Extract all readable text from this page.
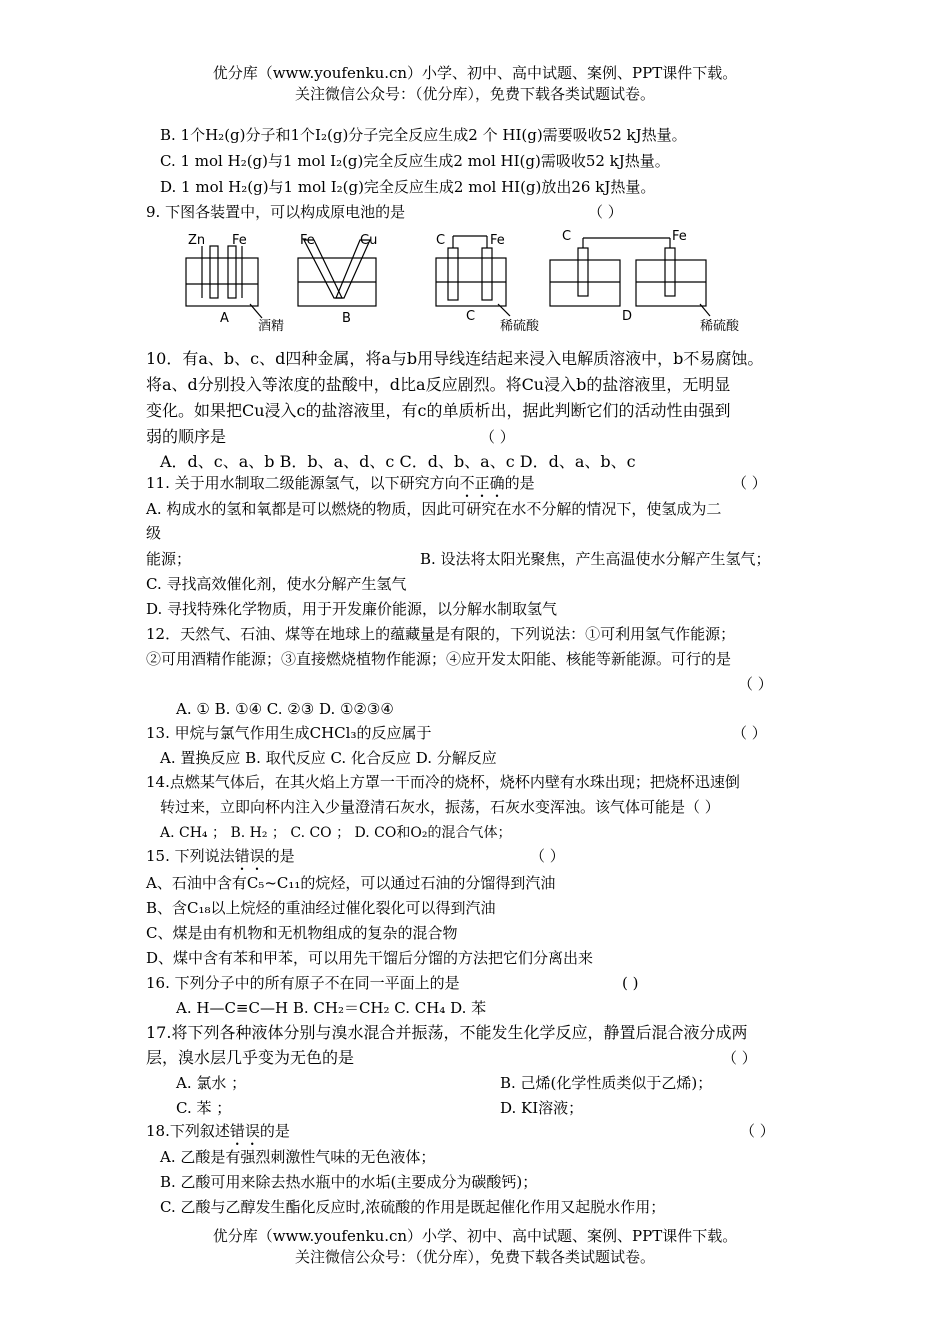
优分库（www.youfenku.cn）小学、初中、高中试题、案例、PPT课件下载。
关注微信公众号：（优分库），免费下载各类试题试卷。
B. 1个H₂(g)分子和1个I₂(g)分子完全反应生成2 个 HI(g)需要吸收52 kJ热量。
C. 1 mol H₂(g)与1 mol I₂(g)完全反应生成2 mol HI(g)需吸收52 kJ热量。
D. 1 mol H₂(g)与1 mol I₂(g)完全反应生成2 mol HI(g)放出26 kJ热量。
9. 下图各装置中，可以构成原电池的是	（ ）
Zn Fe
A
酒精
Fe	Cu
B
C	Fe
C
稀硫酸
C	Fe
D
稀硫酸
10．有a、b、c、d四种金属，将a与b用导线连结起来浸入电解质溶液中，b不易腐蚀。
将a、d分别投入等浓度的盐酸中，d比a反应剧烈。将Cu浸入b的盐溶液里，无明显
变化。如果把Cu浸入c的盐溶液里，有c的单质析出，据此判断它们的活动性由强到
弱的顺序是	（ ）
A．d、c、a、b B．b、a、d、c C．d、b、a、c D．d、a、b、c
11. 关于用水制取二级能源氢气，以下研究方向不正确的是	（ ）
A. 构成水的氢和氧都是可以燃烧的物质，因此可研究在水不分解的情况下，使氢成为二
级
能源；	B. 设法将太阳光聚焦，产生高温使水分解产生氢气；
C. 寻找高效催化剂，使水分解产生氢气
D. 寻找特殊化学物质，用于开发廉价能源，以分解水制取氢气
12．天然气、石油、煤等在地球上的蕴藏量是有限的，下列说法：①可利用氢气作能源；
②可用酒精作能源；③直接燃烧植物作能源；④应开发太阳能、核能等新能源。可行的是
（ ）
A. ① B. ①④ C. ②③ D. ①②③④
13. 甲烷与氯气作用生成CHCl₃的反应属于	（ ）
A. 置换反应 B. 取代反应 C. 化合反应 D. 分解反应
14.点燃某气体后，在其火焰上方罩一干而冷的烧杯，烧杯内壁有水珠出现；把烧杯迅速倒
转过来，立即向杯内注入少量澄清石灰水，振荡，石灰水变浑浊。该气体可能是（ ）
A. CH₄ ； B. H₂ ； C. CO ； D. CO和O₂的混合气体；
15. 下列说法错误的是	（ ）
A、石油中含有C₅~C₁₁的烷烃，可以通过石油的分馏得到汽油
B、含C₁₈以上烷烃的重油经过催化裂化可以得到汽油
C、煤是由有机物和无机物组成的复杂的混合物
D、煤中含有苯和甲苯，可以用先干馏后分馏的方法把它们分离出来
16. 下列分子中的所有原子不在同一平面上的是	( )
A. H—C≡C—H B. CH₂＝CH₂ C. CH₄ D. 苯
17.将下列各种液体分别与溴水混合并振荡，不能发生化学反应，静置后混合液分成两
层，溴水层几乎变为无色的是	（ ）
A. 氯水 ；	B. 己烯(化学性质类似于乙烯)；
C. 苯 ；	D. KI溶液；
18.下列叙述错误的是	（ ）
A. 乙酸是有强烈刺激性气味的无色液体；
B. 乙酸可用来除去热水瓶中的水垢(主要成分为碳酸钙)；
C. 乙酸与乙醇发生酯化反应时,浓硫酸的作用是既起催化作用又起脱水作用；
优分库（www.youfenku.cn）小学、初中、高中试题、案例、PPT课件下载。
关注微信公众号：（优分库），免费下载各类试题试卷。
